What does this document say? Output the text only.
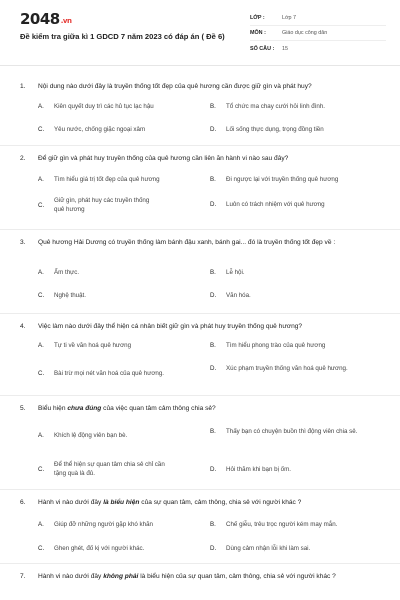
2048.vn
Đề kiểm tra giữa kì 1 GDCD 7 năm 2023 có đáp án ( Đề 6)
LỚP :	Lớp 7
MÔN :	Giáo dục công dân
SỐ CÂU :	15
1.	Nội dung nào dưới đây là truyền thống tốt đẹp của quê hương cần được giữ gìn và phát huy?
A.	Kiên quyết duy trì các hủ tục lạc hậu	B.	Tổ chức ma chay cưới hỏi linh đình.
C.	Yêu nước, chống giặc ngoại xâm	D.	Lối sống thực dụng, trọng đồng tiền
2.	Để giữ gìn và phát huy truyền thống của quê hương cần liên ăn hành vi nào sau đây?
A.	Tìm hiểu giá trị tốt đẹp của quê hương	B.	Đi ngược lại với truyền thống quê hương
C.
Giữ gìn, phát huy các truyền thống quê hương
D.	Luôn có trách nhiệm với quê hương
3.	Quê hương Hải Dương có truyền thống làm bánh đậu xanh, bánh gai... đó là truyền thống tốt đẹp về :
A.	Ẩm thực.	B.	Lễ hội.
C.	Nghệ thuật.	D.	Văn hóa.
4.	Việc làm nào dưới đây thể hiện cá nhân biết giữ gìn và phát huy truyền thống quê hương?
A.	Tự ti về văn hoá quê hương	B.	Tìm hiểu phong trào của quê hương
C.	Bài trừ mọi nét văn hoá của quê hương.
D.	Xúc phạm truyền thống văn hoá quê hương.
5.	Biểu hiện chưa đúng của việc quan tâm cảm thông chia sẻ?
A.	Khích lệ động viên bạn bè.
B.	Thấy bạn có chuyện buồn thì động viên chia sẻ.
C.
Để thể hiện sự quan tâm chia sẻ chỉ cần tặng quà là đủ.
D.	Hỏi thăm khi bạn bị ốm.
6.	Hành vi nào dưới đây là biểu hiện của sự quan tâm, cảm thông, chia sẻ với người khác ?
A.	Giúp đỡ những người gặp khó khăn	B.	Chế giễu, trêu trọc người kém may mắn.
C.	Ghen ghét, đố kị với người khác.	D.	Dùng cảm nhận lỗi khi làm sai.
7.	Hành vi nào dưới đây không phải là biểu hiện của sự quan tâm, cảm thông, chia sẻ với người khác ?
